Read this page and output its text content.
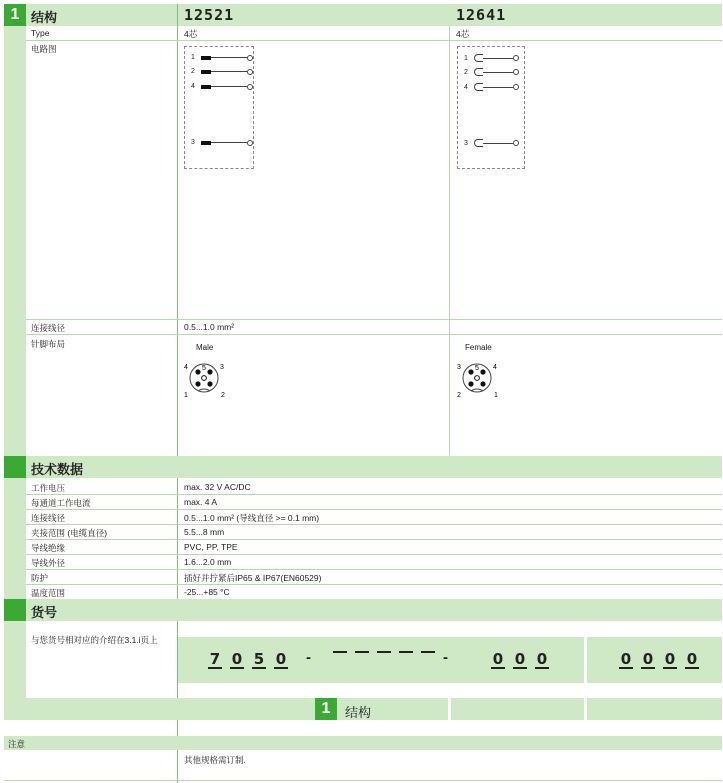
1 结构	12521	12641
Type	4芯	4芯
电路图
1
2
4
3
1
2
4
3
连接线径	0.5...1.0 mm²
针脚布局	Male	Female
4 5 3
1	2
3 5 4
2	1
技术数据
工作电压	max. 32 V AC/DC
每通道工作电流	max. 4 A
连接线径	0.5...1.0 mm² (导线直径 >= 0.1 mm)
夹接范围 (电缆直径)	5.5...8 mm
导线绝缘	PVC, PP, TPE
导线外径	1.6...2.0 mm
防护	插好并拧紧后IP65 & IP67(EN60529)
温度范围	-25...+85 °C
货号
与您货号相对应的介绍在3.1.i页上
7 0 5 0 -	-	0 0 0	0 0 0 0
1	结构
注意
其他规格需订制.
